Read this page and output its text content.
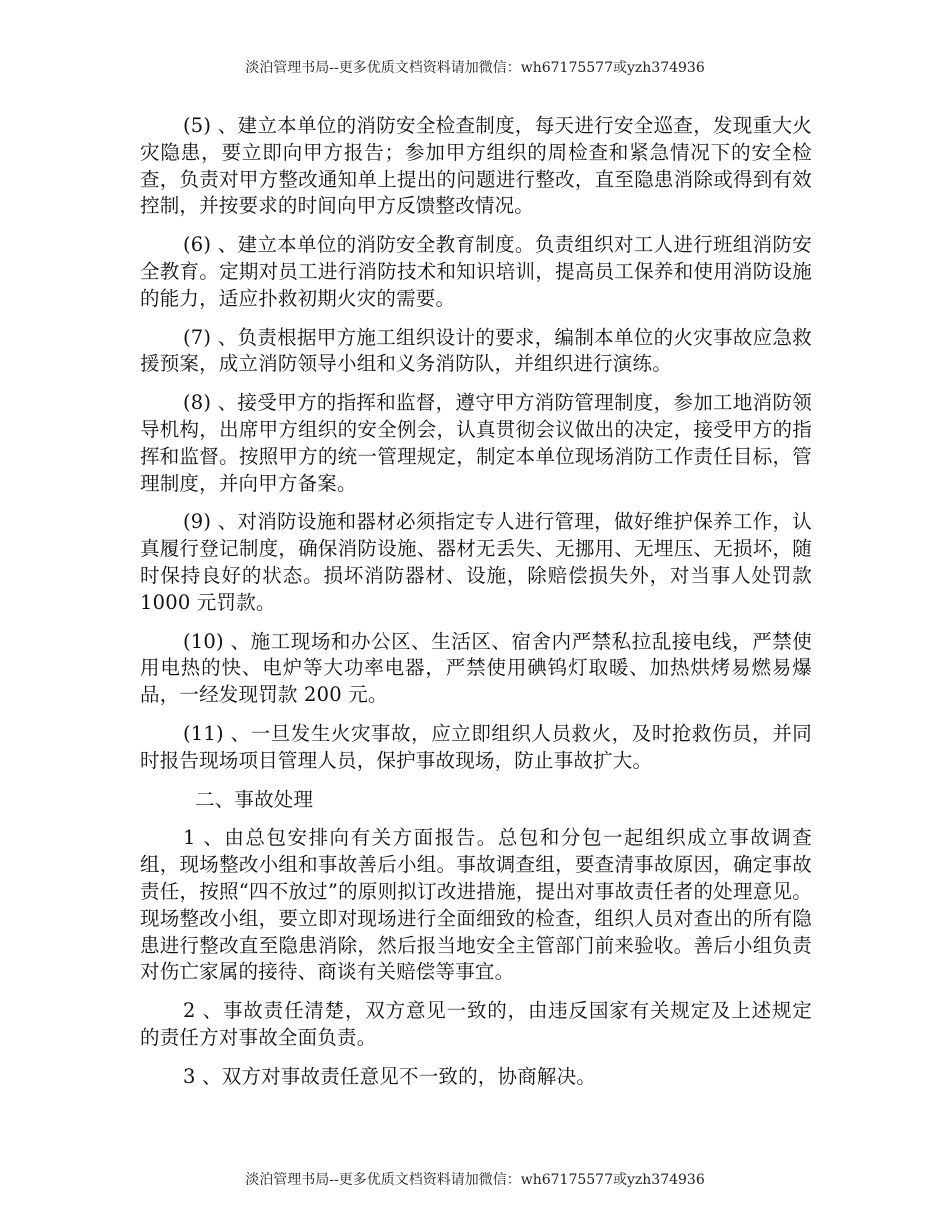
淡泊管理书局--更多优质文档资料请加微信：wh67175577或yzh374936

(5) 、建立本单位的消防安全检查制度，每天进行安全巡查，发现重大火灾隐患，要立即向甲方报告；参加甲方组织的周检查和紧急情况下的安全检查，负责对甲方整改通知单上提出的问题进行整改，直至隐患消除或得到有效控制，并按要求的时间向甲方反馈整改情况。

(6) 、建立本单位的消防安全教育制度。负责组织对工人进行班组消防安全教育。定期对员工进行消防技术和知识培训，提高员工保养和使用消防设施的能力，适应扑救初期火灾的需要。

(7) 、负责根据甲方施工组织设计的要求，编制本单位的火灾事故应急救援预案，成立消防领导小组和义务消防队，并组织进行演练。

(8) 、接受甲方的指挥和监督，遵守甲方消防管理制度，参加工地消防领导机构，出席甲方组织的安全例会，认真贯彻会议做出的决定，接受甲方的指挥和监督。按照甲方的统一管理规定，制定本单位现场消防工作责任目标，管理制度，并向甲方备案。

(9) 、对消防设施和器材必须指定专人进行管理，做好维护保养工作，认真履行登记制度，确保消防设施、器材无丢失、无挪用、无埋压、无损坏，随时保持良好的状态。损坏消防器材、设施，除赔偿损失外，对当事人处罚款 1000 元罚款。

(10) 、施工现场和办公区、生活区、宿舍内严禁私拉乱接电线，严禁使用电热的快、电炉等大功率电器，严禁使用碘钨灯取暖、加热烘烤易燃易爆品，一经发现罚款 200 元。

(11) 、一旦发生火灾事故，应立即组织人员救火，及时抢救伤员，并同时报告现场项目管理人员，保护事故现场，防止事故扩大。

二、事故处理

1 、由总包安排向有关方面报告。总包和分包一起组织成立事故调查组，现场整改小组和事故善后小组。事故调查组，要查清事故原因，确定事故责任，按照“四不放过”的原则拟订改进措施，提出对事故责任者的处理意见。现场整改小组，要立即对现场进行全面细致的检查，组织人员对查出的所有隐患进行整改直至隐患消除，然后报当地安全主管部门前来验收。善后小组负责对伤亡家属的接待、商谈有关赔偿等事宜。

2 、事故责任清楚，双方意见一致的，由违反国家有关规定及上述规定的责任方对事故全面负责。

3 、双方对事故责任意见不一致的，协商解决。

淡泊管理书局--更多优质文档资料请加微信：wh67175577或yzh374936
